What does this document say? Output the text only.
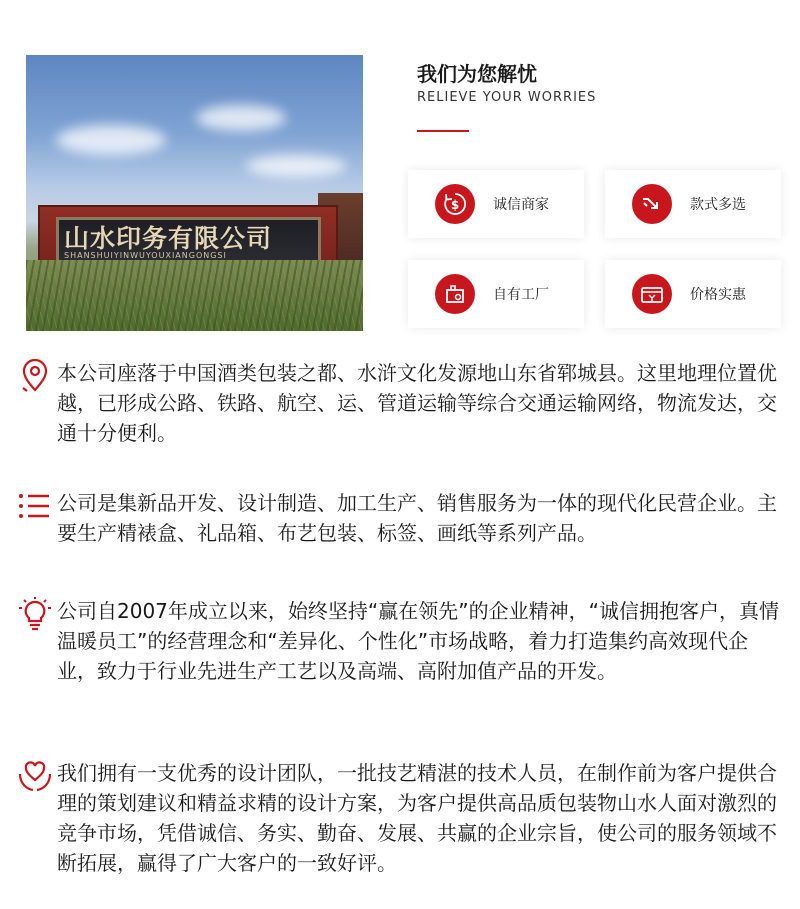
山水印务有限公司
SHANSHUIYINWUYOUXIANGONGSI
我们为您解忧
RELIEVE YOUR WORRIES
$ 诚信商家	款式多选
自有工厂	价格实惠

本公司座落于中国酒类包装之都、水浒文化发源地山东省郓城县。这里地理位置优越，已形成公路、铁路、航空、运、管道运输等综合交通运输网络，物流发达，交通十分便利。

公司是集新品开发、设计制造、加工生产、销售服务为一体的现代化民营企业。主要生产精裱盒、礼品箱、布艺包装、标签、画纸等系列产品。

公司自2007年成立以来，始终坚持“赢在领先”的企业精神，“诚信拥抱客户，真情温暖员工”的经营理念和“差异化、个性化”市场战略，着力打造集约高效现代企业，致力于行业先进生产工艺以及高端、高附加值产品的开发。

我们拥有一支优秀的设计团队，一批技艺精湛的技术人员，在制作前为客户提供合理的策划建议和精益求精的设计方案，为客户提供高品质包装物山水人面对激烈的竞争市场，凭借诚信、务实、勤奋、发展、共赢的企业宗旨，使公司的服务领域不断拓展，赢得了广大客户的一致好评。
